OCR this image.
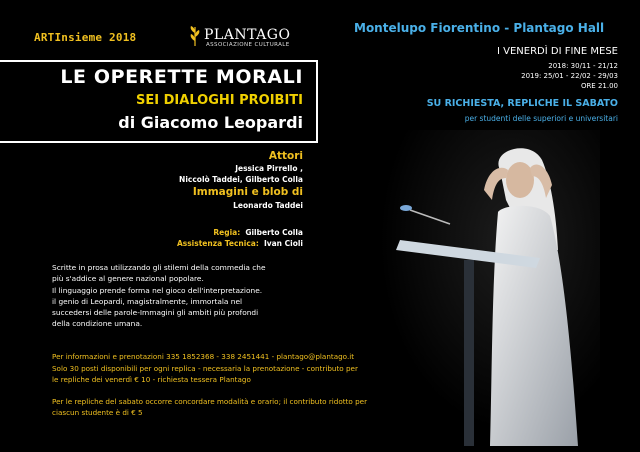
ARTInsieme 2018	PLANTAGO
ASSOCIAZIONE CULTURALE
LE OPERETTE MORALI
SEI DIALOGHI PROIBITI
di Giacomo Leopardi
Attori
Jessica Pirrello ,
Niccolò Taddei, Gilberto Colla
Immagini e blob di
Leonardo Taddei
Regia: Gilberto Colla
Assistenza Tecnica: Ivan Cioli
Scritte in prosa utilizzando gli stilemi della commedia che
più s'addice al genere nazional popolare.
Il linguaggio prende forma nel gioco dell'interpretazione.
il genio di Leopardi, magistralmente, immortala nel
succedersi delle parole-Immagini gli ambiti più profondi
della condizione umana.
Per informazioni e prenotazioni 335 1852368 - 338 2451441 - plantago@plantago.it
Solo 30 posti disponibili per ogni replica - necessaria la prenotazione - contributo per
le repliche dei venerdì € 10 - richiesta tessera Plantago
Per le repliche del sabato occorre concordare modalità e orario; il contributo ridotto per
ciascun studente è di € 5
Montelupo Fiorentino - Plantago Hall
I VENERDÌ DI FINE MESE
2018: 30/11 - 21/12
2019: 25/01 - 22/02 - 29/03
ORE 21.00
SU RICHIESTA, REPLICHE IL SABATO
per studenti delle superiori e universitari
